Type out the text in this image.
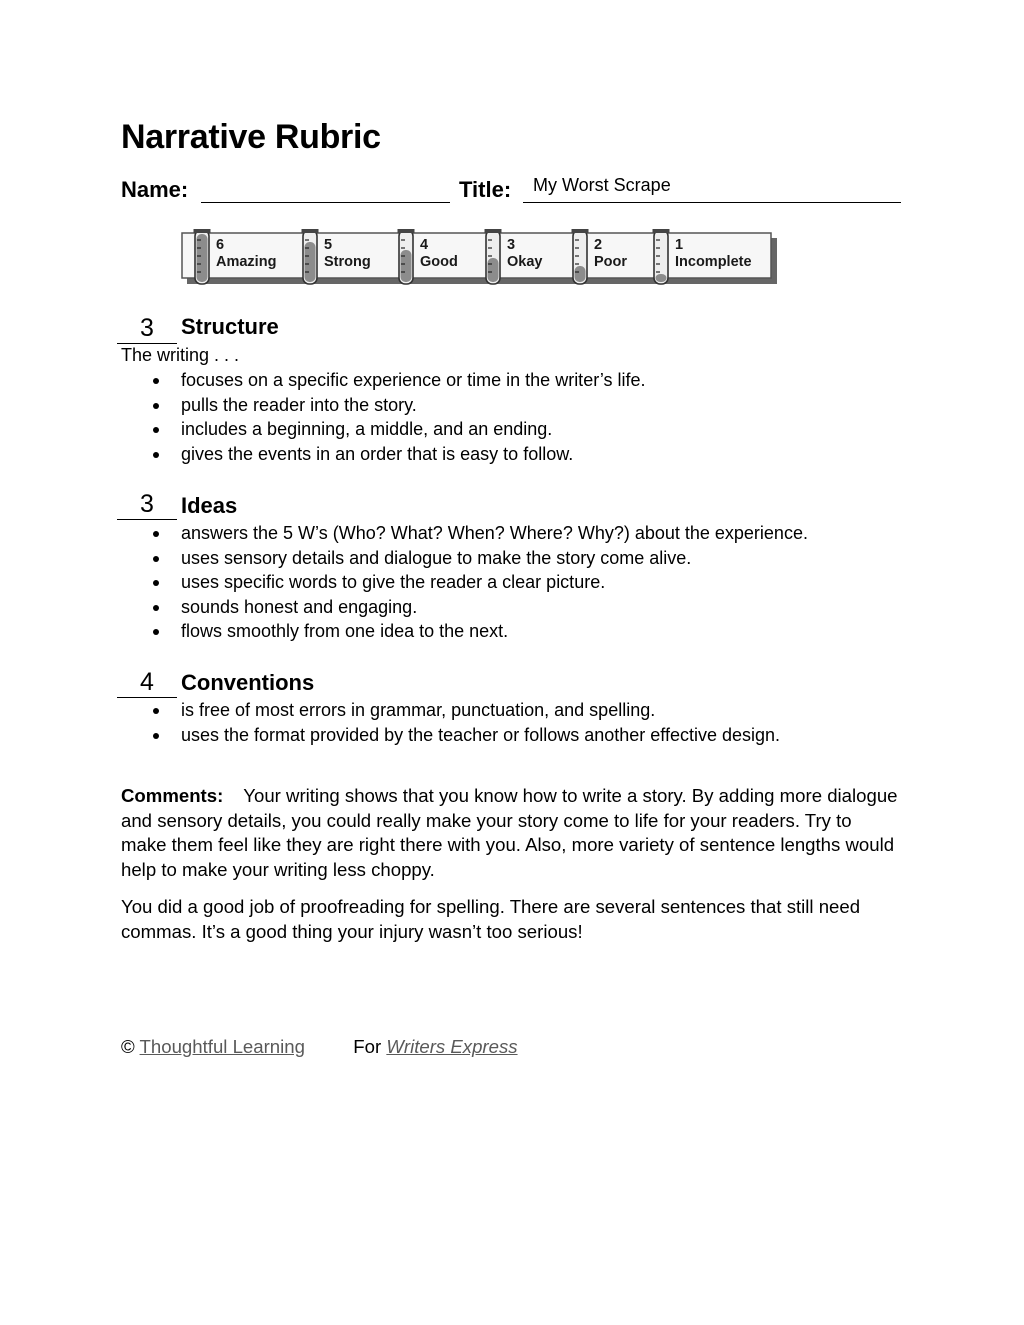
Narrative Rubric
Name:	Title: My Worst Scrape
6
Amazing
5
Strong
4
Good
3
Okay
2
Poor
1
Incomplete
3	Structure
The writing . . .
focuses on a specific experience or time in the writer’s life.
pulls the reader into the story.
includes a beginning, a middle, and an ending.
gives the events in an order that is easy to follow.
3	Ideas
answers the 5 W’s (Who? What? When? Where? Why?) about the experience.
uses sensory details and dialogue to make the story come alive.
uses specific words to give the reader a clear picture.
sounds honest and engaging.
flows smoothly from one idea to the next.
4	Conventions
is free of most errors in grammar, punctuation, and spelling.
uses the format provided by the teacher or follows another effective design.

Comments: Your writing shows that you know how to write a story. By adding more dialogue and sensory details, you could really make your story come to life for your readers. Try to make them feel like they are right there with you. Also, more variety of sentence lengths would help to make your writing less choppy.

You did a good job of proofreading for spelling. There are several sentences that still need commas. It’s a good thing your injury wasn’t too serious!

© Thoughtful Learning	For Writers Express
